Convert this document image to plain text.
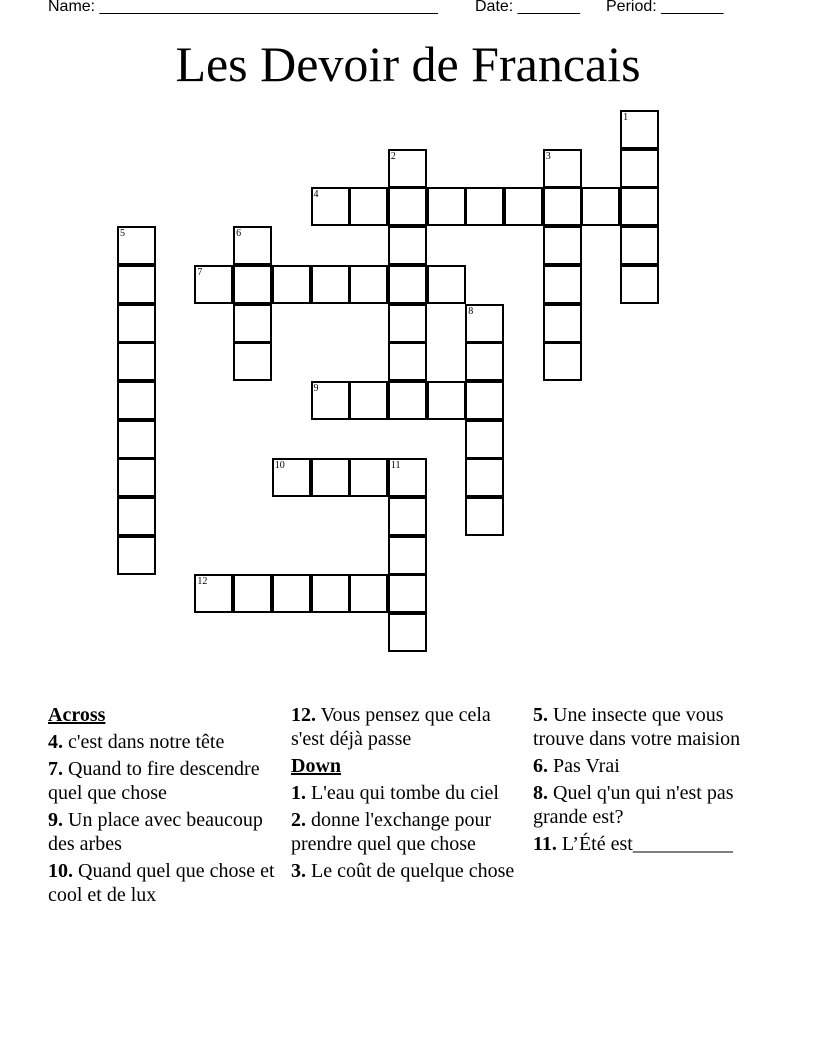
Name: ______________________________________ Date: _______ Period: _______
Les Devoir de Francais
1
2	3
4
5	6
7
8
9
10	11
12
Across
4. c'est dans notre tête
7. Quand to fire descendre quel que chose
9. Un place avec beaucoup des arbes
10. Quand quel que chose et cool et de lux
12. Vous pensez que cela s'est déjà passe
Down
1. L'eau qui tombe du ciel
2. donne l'exchange pour prendre quel que chose
3. Le coût de quelque chose
5. Une insecte que vous trouve dans votre maision
6. Pas Vrai
8. Quel q'un qui n'est pas grande est?
11. L’Été est__________
